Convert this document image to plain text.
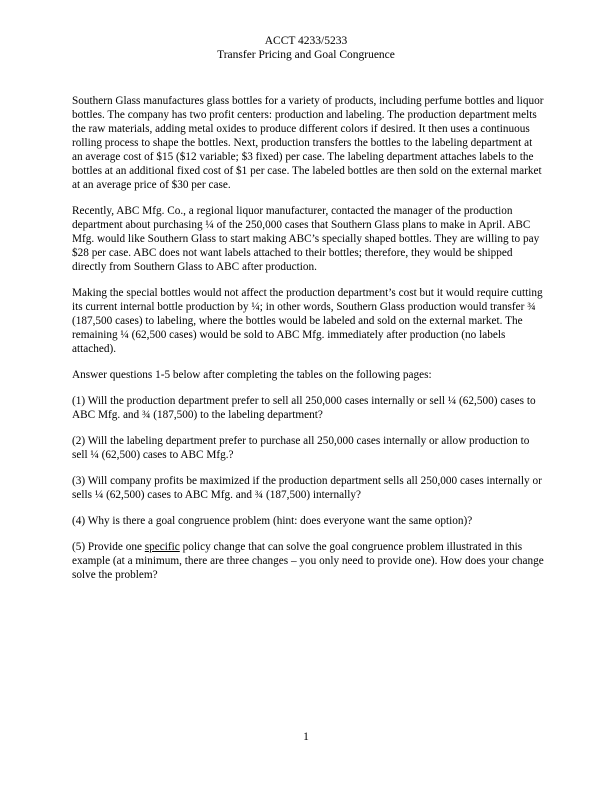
ACCT 4233/5233
Transfer Pricing and Goal Congruence

Southern Glass manufactures glass bottles for a variety of products, including perfume bottles and liquor bottles. The company has two profit centers: production and labeling. The production department melts the raw materials, adding metal oxides to produce different colors if desired. It then uses a continuous rolling process to shape the bottles. Next, production transfers the bottles to the labeling department at an average cost of $15 ($12 variable; $3 fixed) per case. The labeling department attaches labels to the bottles at an additional fixed cost of $1 per case. The labeled bottles are then sold on the external market at an average price of $30 per case.

Recently, ABC Mfg. Co., a regional liquor manufacturer, contacted the manager of the production department about purchasing ¼ of the 250,000 cases that Southern Glass plans to make in April. ABC Mfg. would like Southern Glass to start making ABC’s specially shaped bottles. They are willing to pay $28 per case. ABC does not want labels attached to their bottles; therefore, they would be shipped directly from Southern Glass to ABC after production.

Making the special bottles would not affect the production department’s cost but it would require cutting its current internal bottle production by ¼; in other words, Southern Glass production would transfer ¾ (187,500 cases) to labeling, where the bottles would be labeled and sold on the external market. The remaining ¼ (62,500 cases) would be sold to ABC Mfg. immediately after production (no labels attached).

Answer questions 1-5 below after completing the tables on the following pages:

(1) Will the production department prefer to sell all 250,000 cases internally or sell ¼ (62,500) cases to ABC Mfg. and ¾ (187,500) to the labeling department?

(2) Will the labeling department prefer to purchase all 250,000 cases internally or allow production to sell ¼ (62,500) cases to ABC Mfg.?

(3) Will company profits be maximized if the production department sells all 250,000 cases internally or sells ¼ (62,500) cases to ABC Mfg. and ¾ (187,500) internally?

(4) Why is there a goal congruence problem (hint: does everyone want the same option)?

(5) Provide one specific policy change that can solve the goal congruence problem illustrated in this example (at a minimum, there are three changes – you only need to provide one). How does your change solve the problem?

1
